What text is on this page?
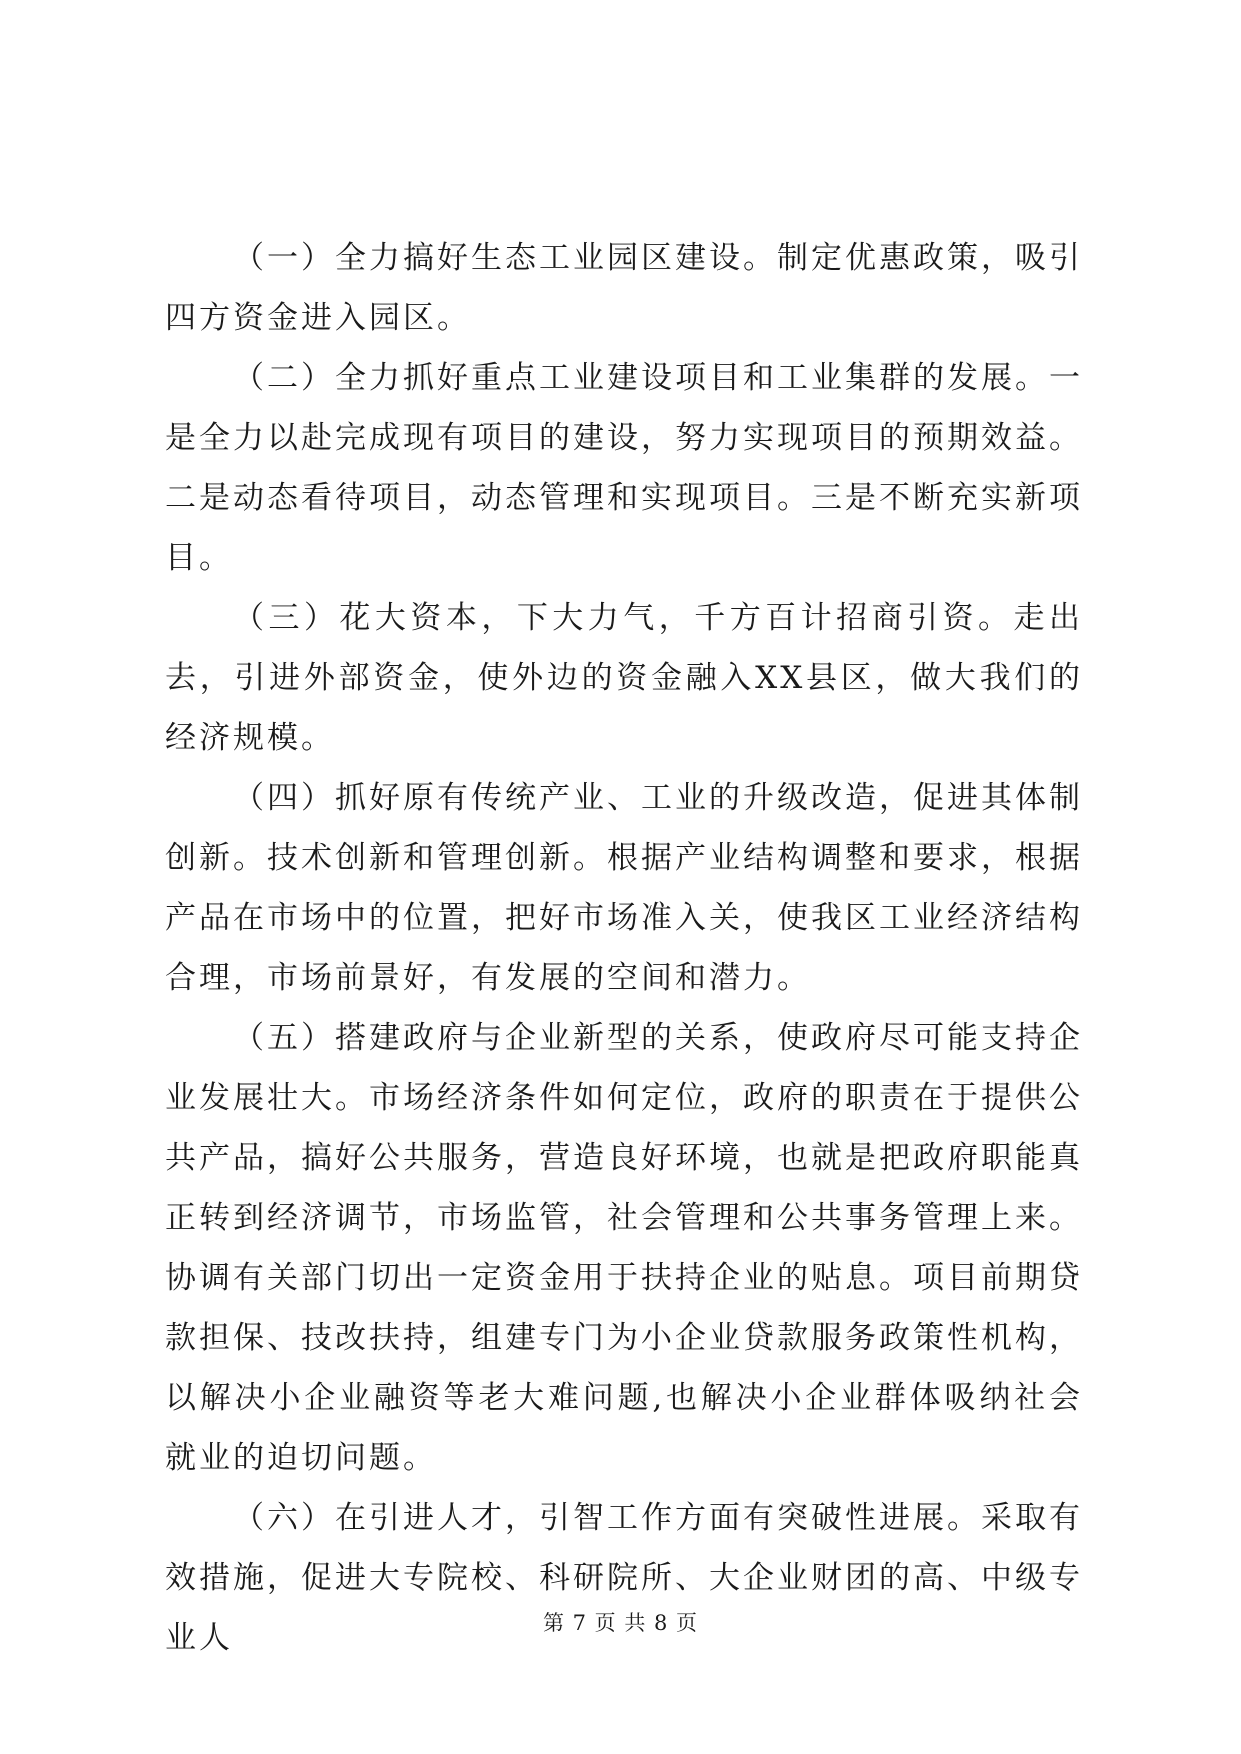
（一）全力搞好生态工业园区建设。制定优惠政策，吸引四方资金进入园区。

（二）全力抓好重点工业建设项目和工业集群的发展。一是全力以赴完成现有项目的建设，努力实现项目的预期效益。二是动态看待项目，动态管理和实现项目。三是不断充实新项目。

（三）花大资本，下大力气，千方百计招商引资。走出去，引进外部资金，使外边的资金融入XX县区，做大我们的经济规模。

（四）抓好原有传统产业、工业的升级改造，促进其体制创新。技术创新和管理创新。根据产业结构调整和要求，根据产品在市场中的位置，把好市场准入关，使我区工业经济结构合理，市场前景好，有发展的空间和潜力。

（五）搭建政府与企业新型的关系，使政府尽可能支持企业发展壮大。市场经济条件如何定位，政府的职责在于提供公共产品，搞好公共服务，营造良好环境，也就是把政府职能真正转到经济调节，市场监管，社会管理和公共事务管理上来。协调有关部门切出一定资金用于扶持企业的贴息。项目前期贷款担保、技改扶持，组建专门为小企业贷款服务政策性机构，以解决小企业融资等老大难问题,也解决小企业群体吸纳社会就业的迫切问题。

（六）在引进人才，引智工作方面有突破性进展。采取有效措施，促进大专院校、科研院所、大企业财团的高、中级专业人	第 7 页 共 8 页
